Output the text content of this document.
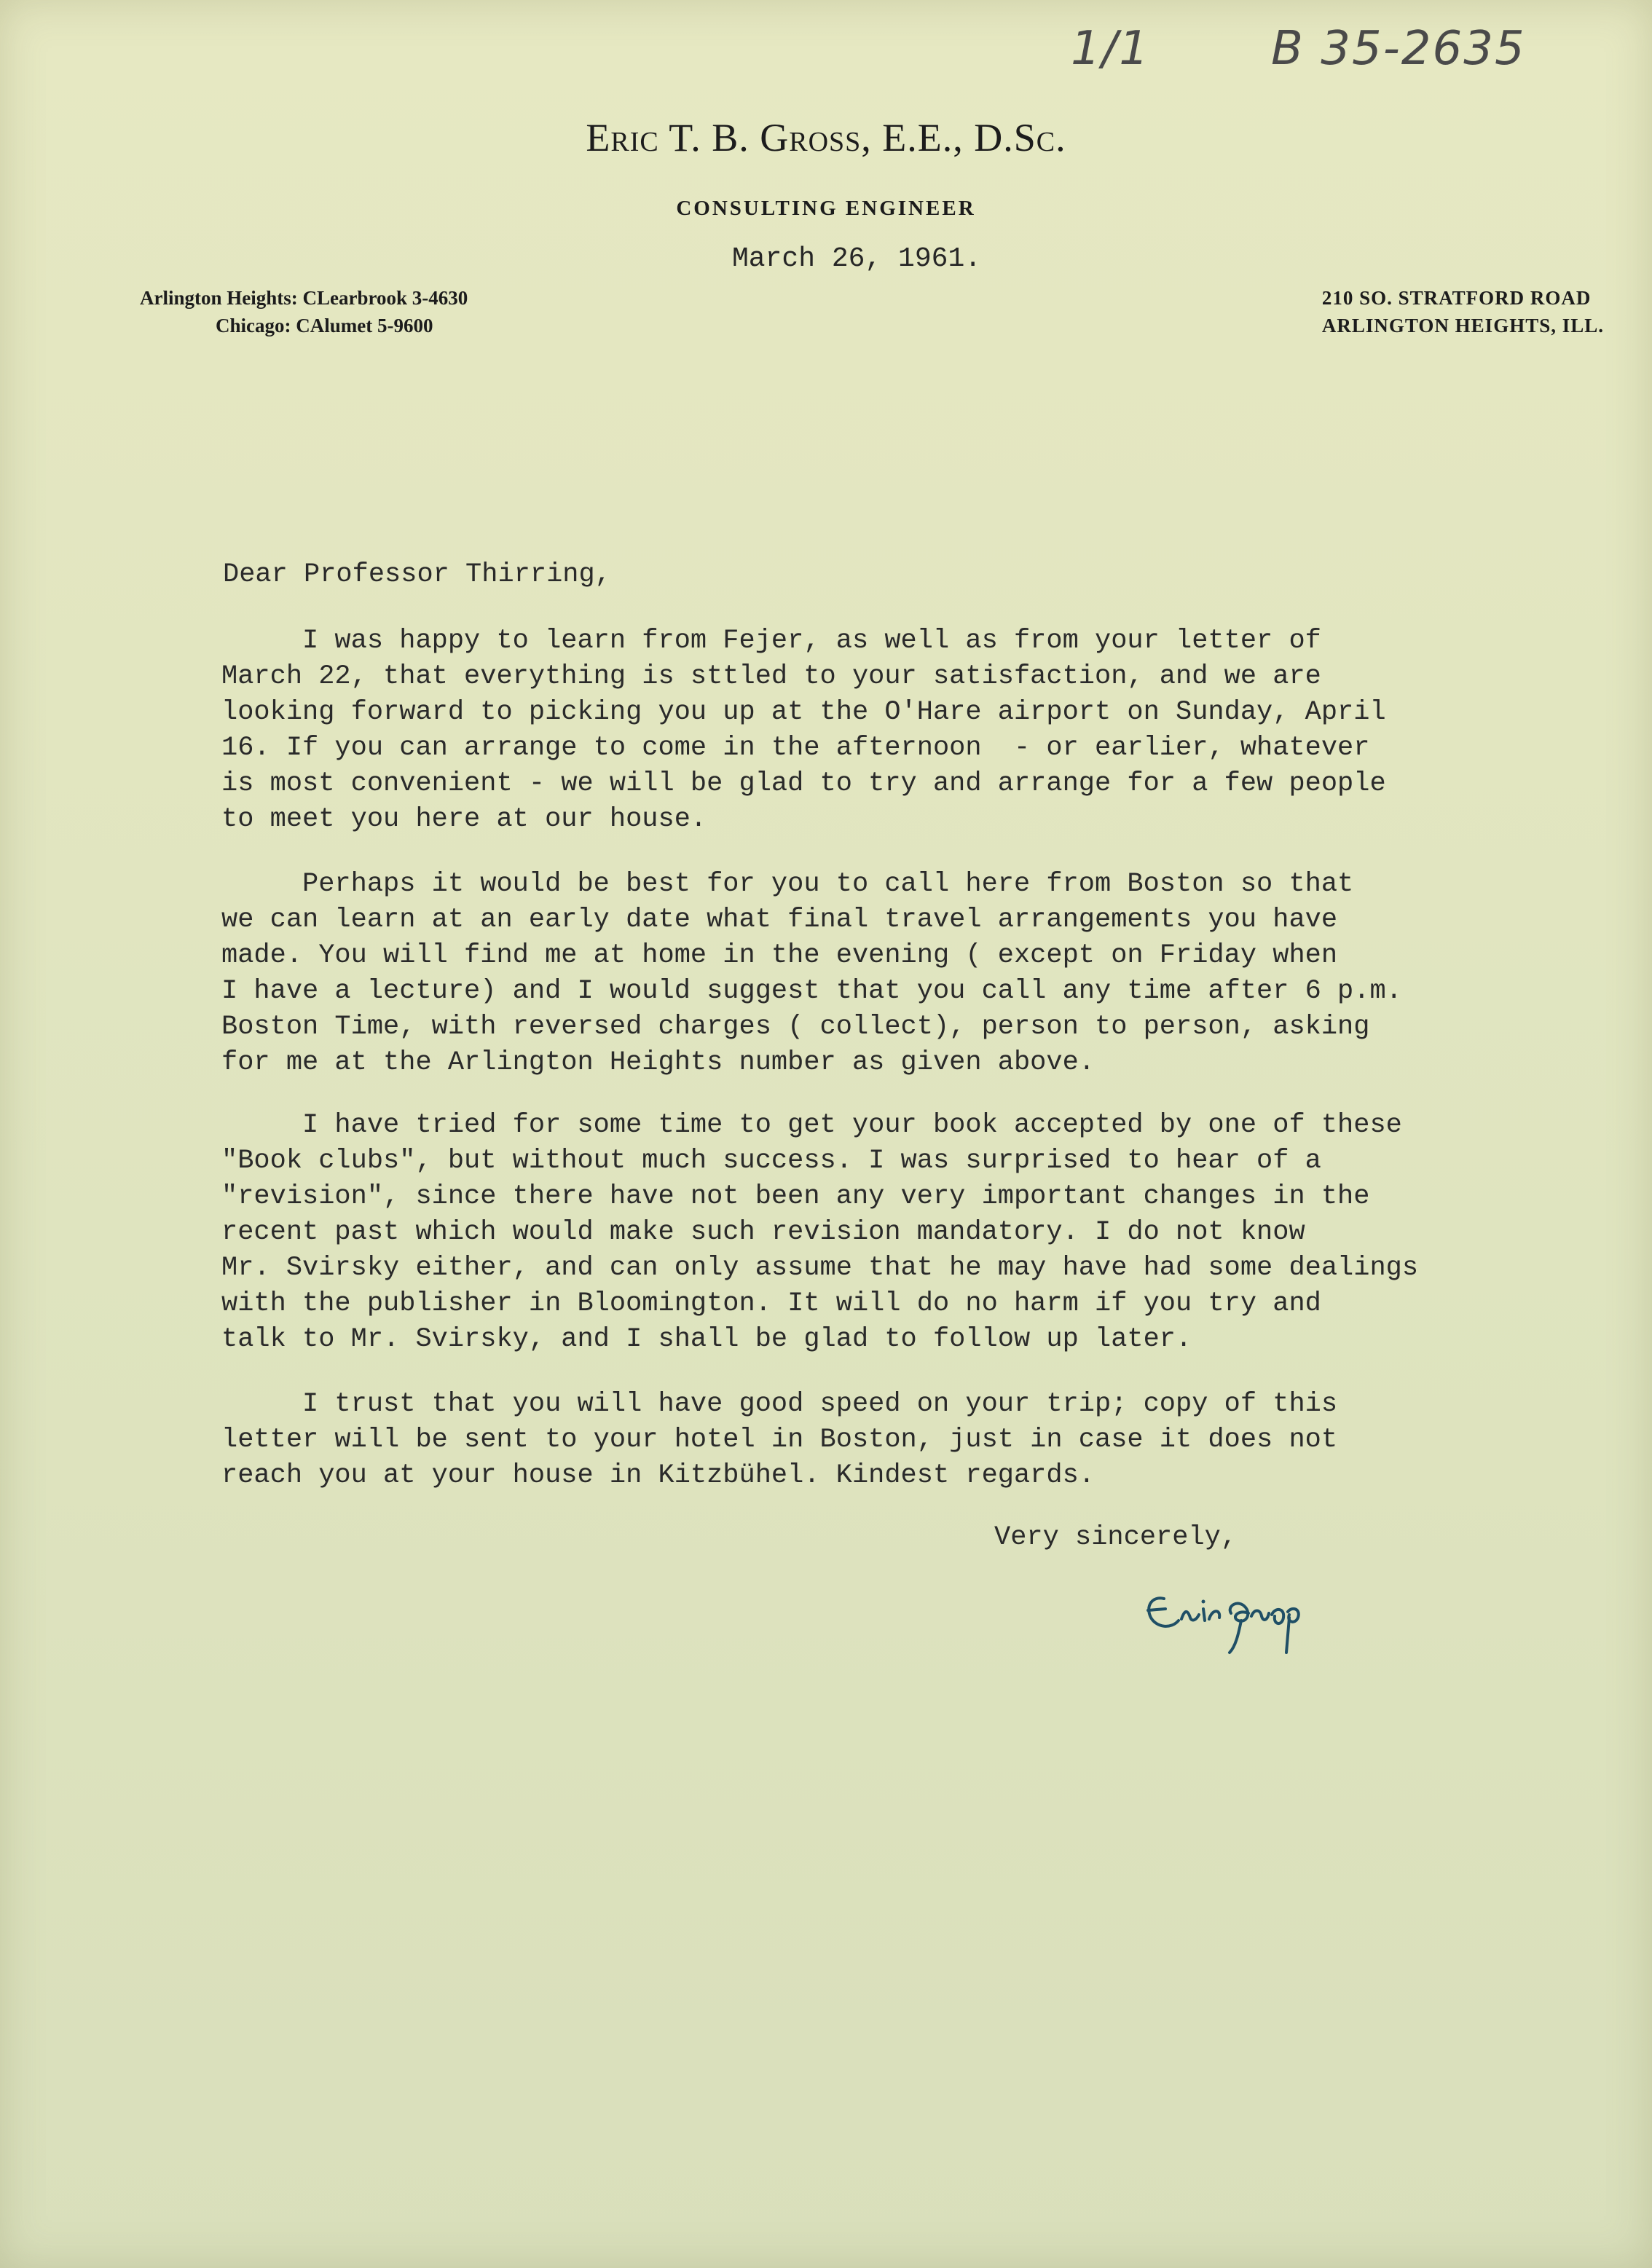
1/1	B 35-2635
Eric T. B. Gross, E.E., D.Sc.
CONSULTING ENGINEER
March 26, 1961.
Arlington Heights: CLearbrook 3-4630
Chicago: CAlumet 5-9600
210 SO. STRATFORD ROAD
ARLINGTON HEIGHTS, ILL.
Dear Professor Thirring,
I was happy to learn from Fejer, as well as from your letter of
March 22, that everything is sttled to your satisfaction, and we are
looking forward to picking you up at the O'Hare airport on Sunday, April
16. If you can arrange to come in the afternoon  - or earlier, whatever
is most convenient - we will be glad to try and arrange for a few people
to meet you here at our house.
Perhaps it would be best for you to call here from Boston so that
we can learn at an early date what final travel arrangements you have
made. You will find me at home in the evening ( except on Friday when
I have a lecture) and I would suggest that you call any time after 6 p.m.
Boston Time, with reversed charges ( collect), person to person, asking
for me at the Arlington Heights number as given above.
I have tried for some time to get your book accepted by one of these
"Book clubs", but without much success. I was surprised to hear of a
"revision", since there have not been any very important changes in the
recent past which would make such revision mandatory. I do not know
Mr. Svirsky either, and can only assume that he may have had some dealings
with the publisher in Bloomington. It will do no harm if you try and
talk to Mr. Svirsky, and I shall be glad to follow up later.
I trust that you will have good speed on your trip; copy of this
letter will be sent to your hotel in Boston, just in case it does not
reach you at your house in Kitzbühel. Kindest regards.
Very sincerely,
